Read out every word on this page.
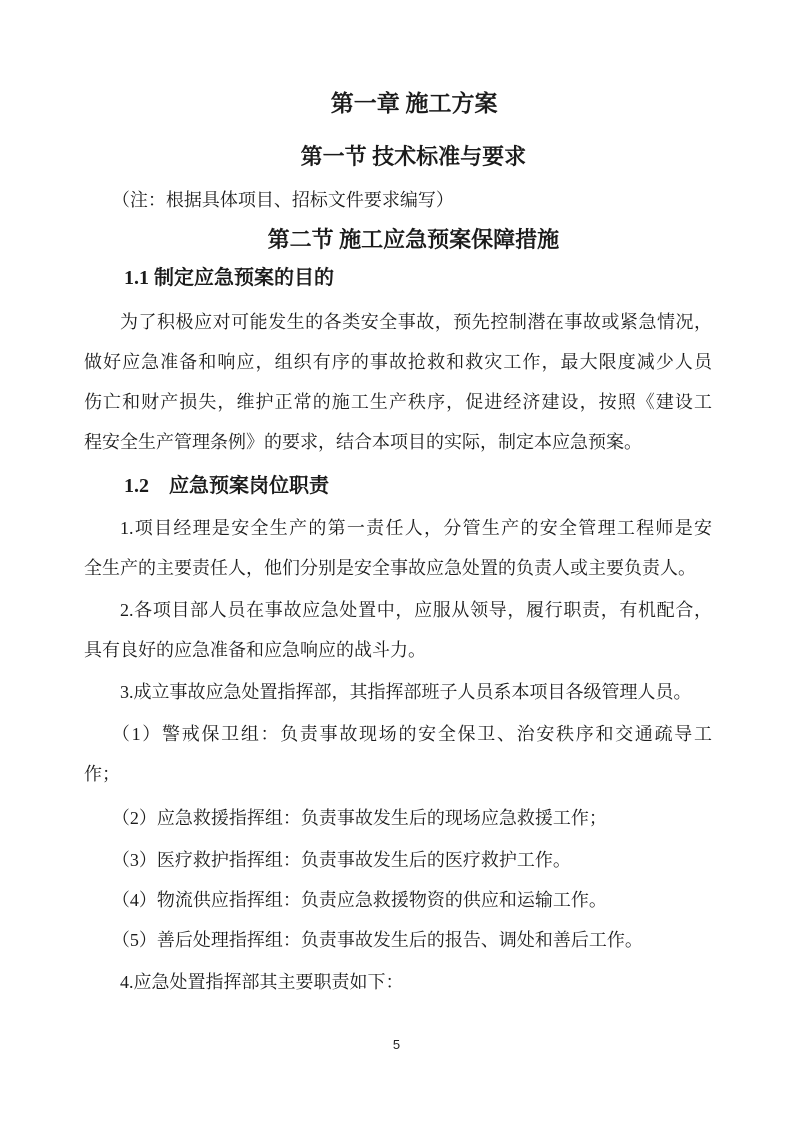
第一章 施工方案
第一节 技术标准与要求

（注：根据具体项目、招标文件要求编写）

第二节 施工应急预案保障措施
1.1 制定应急预案的目的

为了积极应对可能发生的各类安全事故，预先控制潜在事故或紧急情况，
做好应急准备和响应，组织有序的事故抢救和救灾工作，最大限度减少人员
伤亡和财产损失，维护正常的施工生产秩序，促进经济建设，按照《建设工
程安全生产管理条例》的要求，结合本项目的实际，制定本应急预案。

1.2　应急预案岗位职责

1.项目经理是安全生产的第一责任人，分管生产的安全管理工程师是安
全生产的主要责任人，他们分别是安全事故应急处置的负责人或主要负责人。

2.各项目部人员在事故应急处置中，应服从领导，履行职责，有机配合，
具有良好的应急准备和应急响应的战斗力。

3.成立事故应急处置指挥部，其指挥部班子人员系本项目各级管理人员。

（1）警戒保卫组：负责事故现场的安全保卫、治安秩序和交通疏导工
作；

（2）应急救援指挥组：负责事故发生后的现场应急救援工作；

（3）医疗救护指挥组：负责事故发生后的医疗救护工作。

（4）物流供应指挥组：负责应急救援物资的供应和运输工作。

（5）善后处理指挥组：负责事故发生后的报告、调处和善后工作。

4.应急处置指挥部其主要职责如下：

5
